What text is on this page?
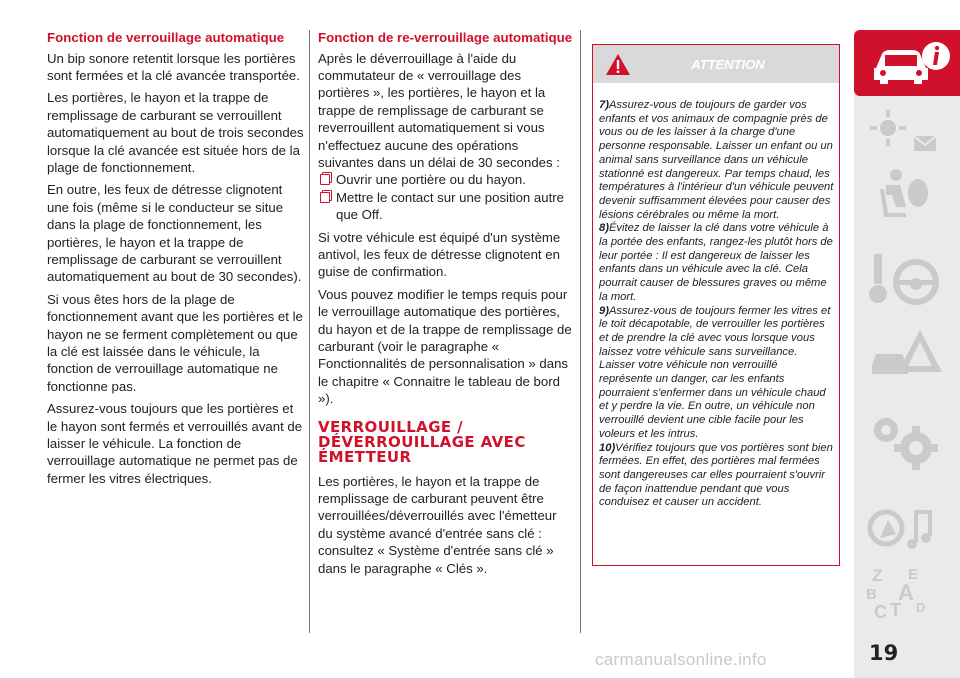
Fonction de verrouillage automatique

Un bip sonore retentit lorsque les portières sont fermées et la clé avancée transportée.

Les portières, le hayon et la trappe de remplissage de carburant se verrouillent automatiquement au bout de trois secondes lorsque la clé avancée est située hors de la plage de fonctionnement.

En outre, les feux de détresse clignotent une fois (même si le conducteur se situe dans la plage de fonctionnement, les portières, le hayon et la trappe de remplissage de carburant se verrouillent automatiquement au bout de 30 secondes).

Si vous êtes hors de la plage de fonctionnement avant que les portières et le hayon ne se ferment complètement ou que la clé est laissée dans le véhicule, la fonction de verrouillage automatique ne fonctionne pas.

Assurez-vous toujours que les portières et le hayon sont fermés et verrouillés avant de laisser le véhicule. La fonction de verrouillage automatique ne permet pas de fermer les vitres électriques.

Fonction de re-verrouillage automatique

Après le déverrouillage à l'aide du commutateur de « verrouillage des portières », les portières, le hayon et la trappe de remplissage de carburant se reverrouillent automatiquement si vous n'effectuez aucune des opérations suivantes dans un délai de 30 secondes :

Ouvrir une portière ou du hayon.
Mettre le contact sur une position autre que Off.

Si votre véhicule est équipé d'un système antivol, les feux de détresse clignotent en guise de confirmation.

Vous pouvez modifier le temps requis pour le verrouillage automatique des portières, du hayon et de la trappe de remplissage de carburant (voir le paragraphe « Fonctionnalités de personnalisation » dans le chapitre « Connaitre le tableau de bord »).

VERROUILLAGE / DÉVERROUILLAGE AVEC ÉMETTEUR

Les portières, le hayon et la trappe de remplissage de carburant peuvent être verrouillées/déverrouillés avec l'émetteur du système avancé d'entrée sans clé : consultez « Système d'entrée sans clé » dans le paragraphe « Clés ».

ATTENTION
7)Assurez-vous de toujours de garder vos enfants et vos animaux de compagnie près de vous ou de les laisser à la charge d'une personne responsable. Laisser un enfant ou un animal sans surveillance dans un véhicule stationné est dangereux. Par temps chaud, les températures à l'intérieur d'un véhicule peuvent devenir suffisamment élevées pour causer des lésions cérébrales ou même la mort.
8)Évitez de laisser la clé dans votre véhicule à la portée des enfants, rangez-les plutôt hors de leur portée : Il est dangereux de laisser les enfants dans un véhicule avec la clé. Cela pourrait causer de blessures graves ou même la mort.
9)Assurez-vous de toujours fermer les vitres et le toit décapotable, de verrouiller les portières et de prendre la clé avec vous lorsque vous laissez votre véhicule sans surveillance. Laisser votre véhicule non verrouillé représente un danger, car les enfants pourraient s'enfermer dans un véhicule chaud et y perdre la vie. En outre, un véhicule non verrouillé devient une cible facile pour les voleurs et les intrus.
10)Vérifiez toujours que vos portières sont bien fermées. En effet, des portières mal fermées sont dangereuses car elles pourraient s'ouvrir de façon inattendue pendant que vous conduisez et causer un accident.
Z E
B A
C T D
19
carmanualsonline.info
